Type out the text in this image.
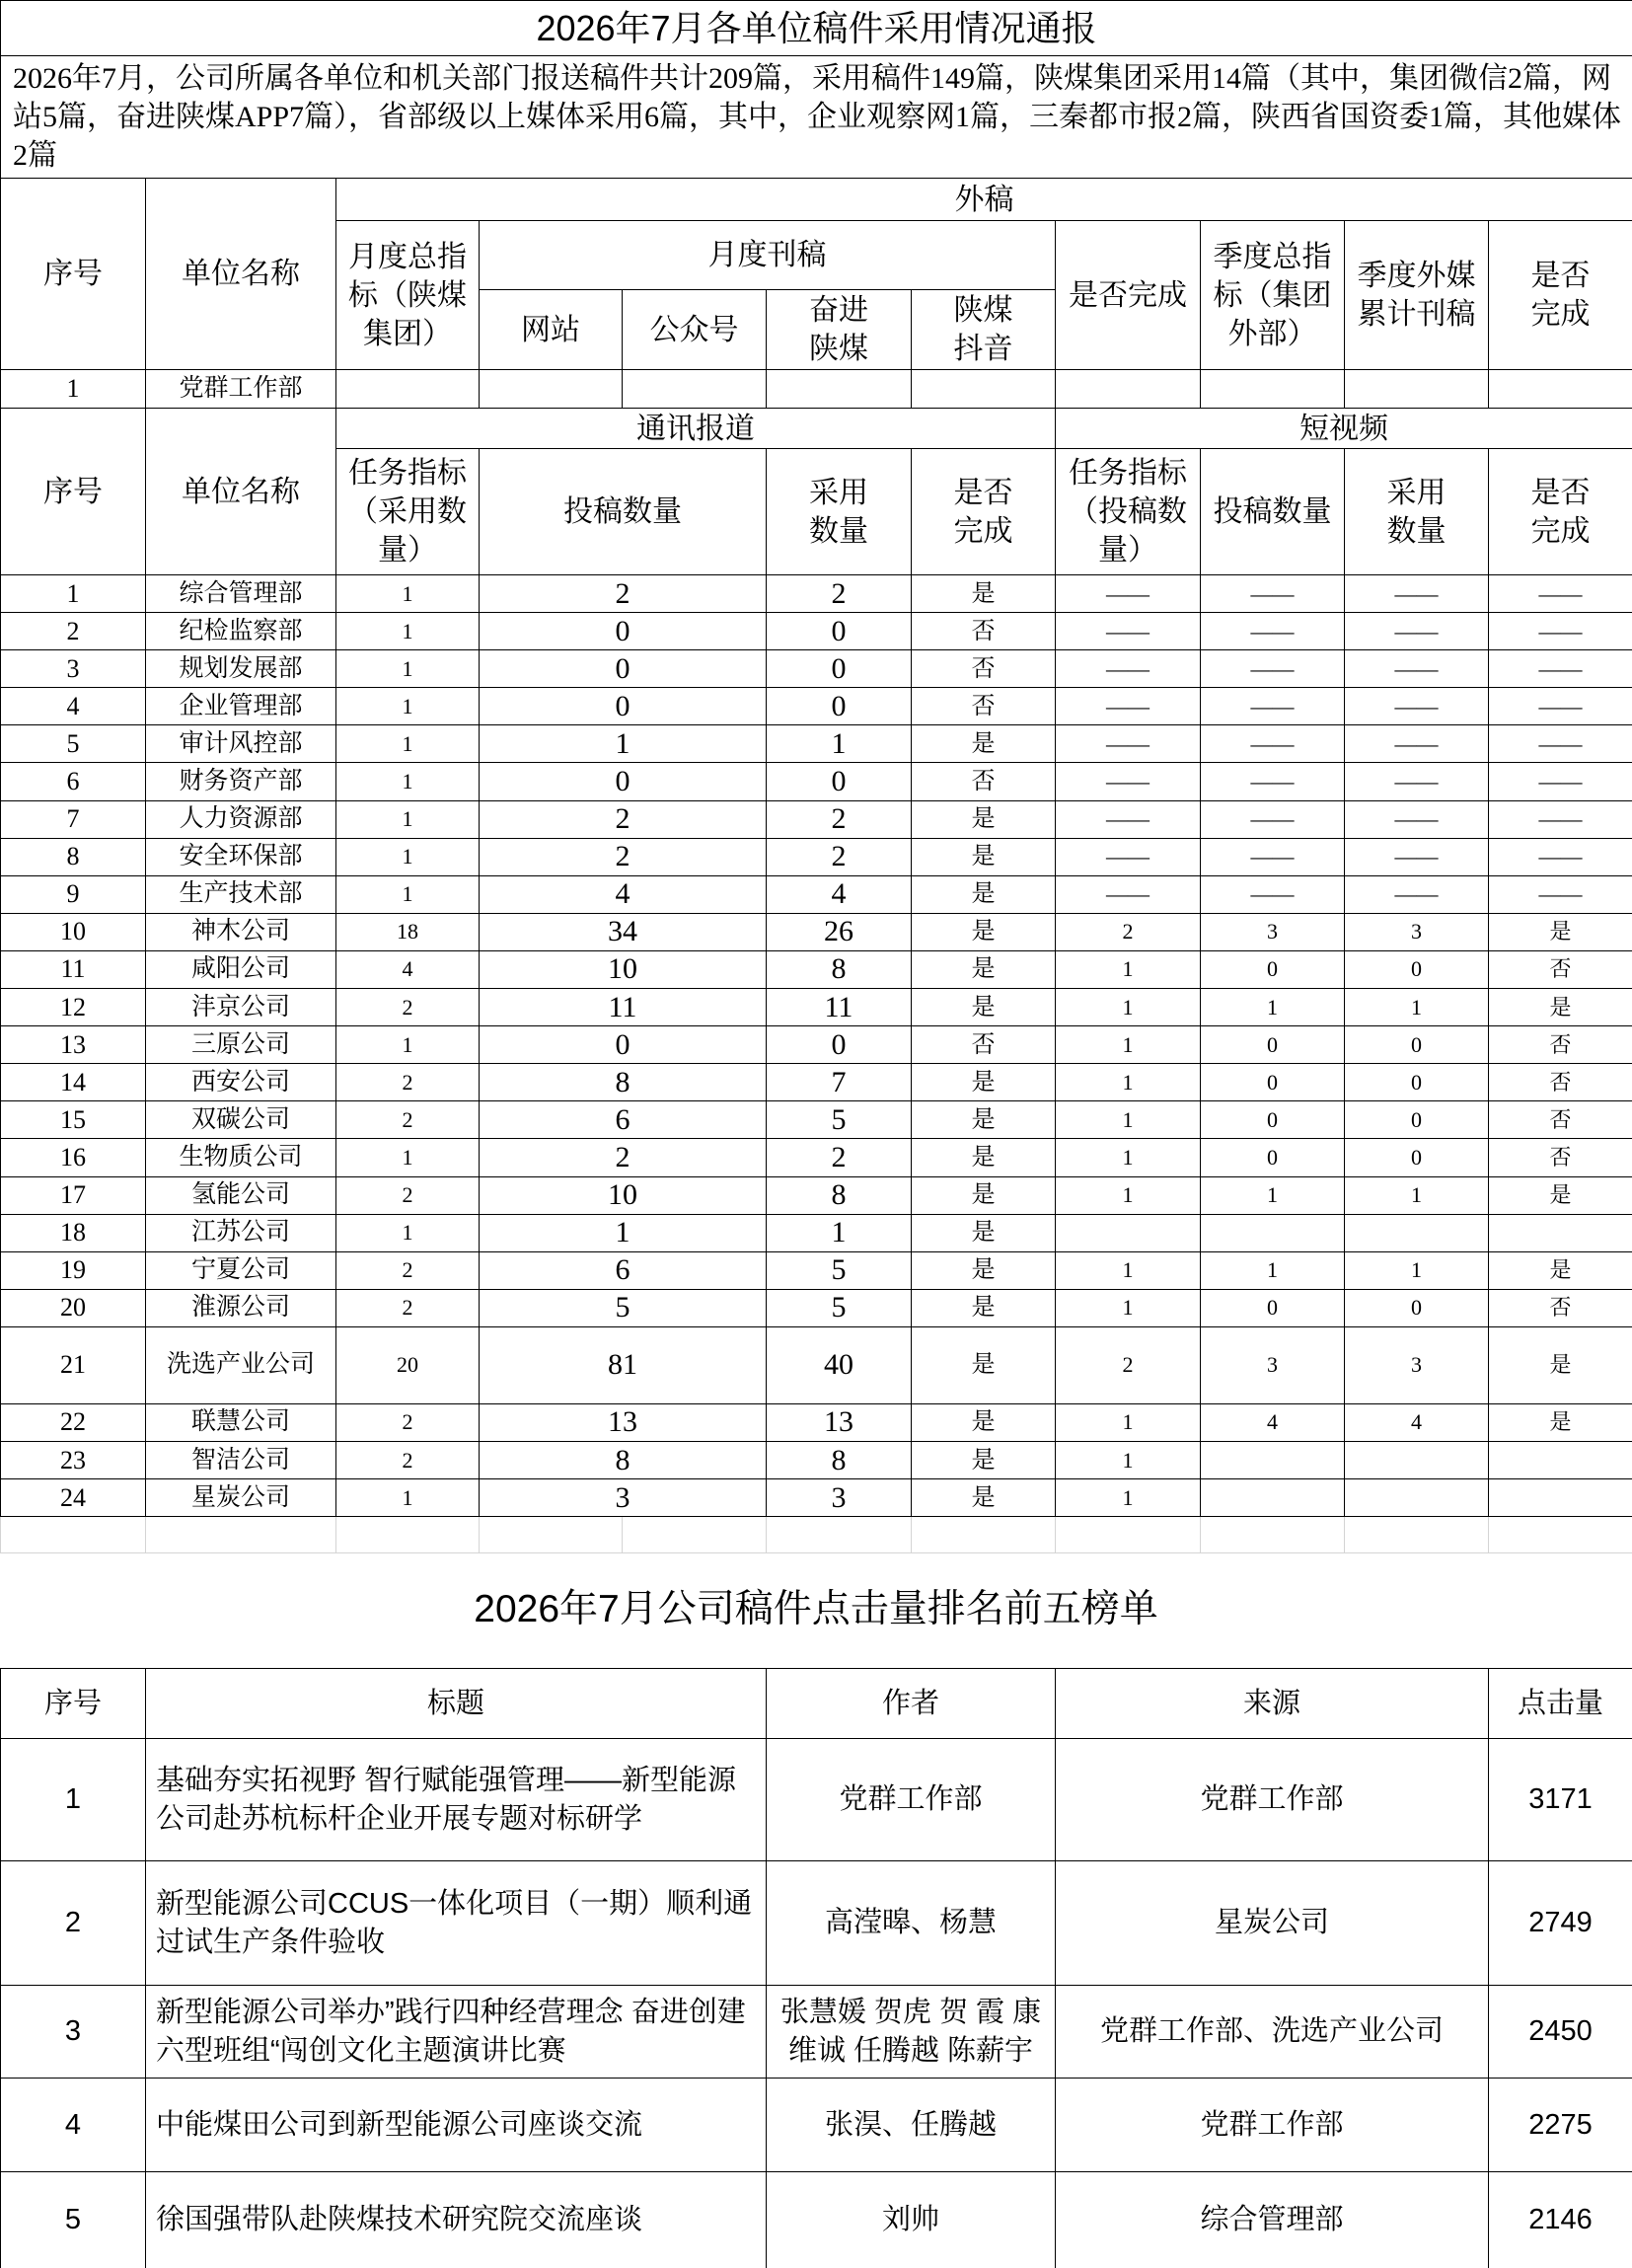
2026年7月各单位稿件采用情况通报										

2026年7月，公司所属各单位和机关部门报送稿件共计209篇，采用稿件149篇，陕煤集团采用14篇（其中，集团微信2篇，网站5篇，奋进陕煤APP7篇），省部级以上媒体采用6篇，其中，企业观察网1篇，三秦都市报2篇，陕西省国资委1篇，其他媒体2篇										

序号	单位名称	外稿								

		月度总指标（陕煤集团）	月度刊稿				是否完成	季度总指标（集团外部）	季度外媒累计刊稿	是否完成
			网站	公众号	奋进陕煤	陕煤抖音				
1	党群工作部									
序号	单位名称	通讯报道					短视频			

		任务指标（采用数量）	投稿数量		采用数量	是否完成	任务指标（投稿数量）	投稿数量	采用数量	是否完成
1	综合管理部	1	2		2	是	——	——	——	——
2	纪检监察部	1	0		0	否	——	——	——	——
3	规划发展部	1	0		0	否	——	——	——	——
4	企业管理部	1	0		0	否	——	——	——	——
5	审计风控部	1	1		1	是	——	——	——	——
6	财务资产部	1	0		0	否	——	——	——	——
7	人力资源部	1	2		2	是	——	——	——	——
8	安全环保部	1	2		2	是	——	——	——	——
9	生产技术部	1	4		4	是	——	——	——	——
10	神木公司	18	34		26	是	2	3	3	是
11	咸阳公司	4	10		8	是	1	0	0	否
12	沣京公司	2	11		11	是	1	1	1	是
13	三原公司	1	0		0	否	1	0	0	否
14	西安公司	2	8		7	是	1	0	0	否
15	双碳公司	2	6		5	是	1	0	0	否
16	生物质公司	1	2		2	是	1	0	0	否
17	氢能公司	2	10		8	是	1	1	1	是
18	江苏公司	1	1		1	是				
19	宁夏公司	2	6		5	是	1	1	1	是
20	淮源公司	2	5		5	是	1	0	0	否
21	洗选产业公司	20	81		40	是	2	3	3	是
22	联慧公司	2	13		13	是	1	4	4	是
23	智洁公司	2	8		8	是	1			
24	星炭公司	1	3		3	是	1			

2026年7月公司稿件点击量排名前五榜单
序号	标题	作者	来源	点击量
1	基础夯实拓视野 智行赋能强管理——新型能源公司赴苏杭标杆企业开展专题对标研学	党群工作部	党群工作部	3171
2	新型能源公司CCUS一体化项目（一期）顺利通过试生产条件验收	高滢暤、杨慧	星炭公司	2749
3	新型能源公司举办”践行四种经营理念 奋进创建六型班组“闯创文化主题演讲比赛	张慧媛 贺虎 贺 霞 康维诚 任腾越 陈薪宇	党群工作部、洗选产业公司	2450
4	中能煤田公司到新型能源公司座谈交流	张淏、任腾越	党群工作部	2275
5	徐国强带队赴陕煤技术研究院交流座谈	刘帅	综合管理部	2146
